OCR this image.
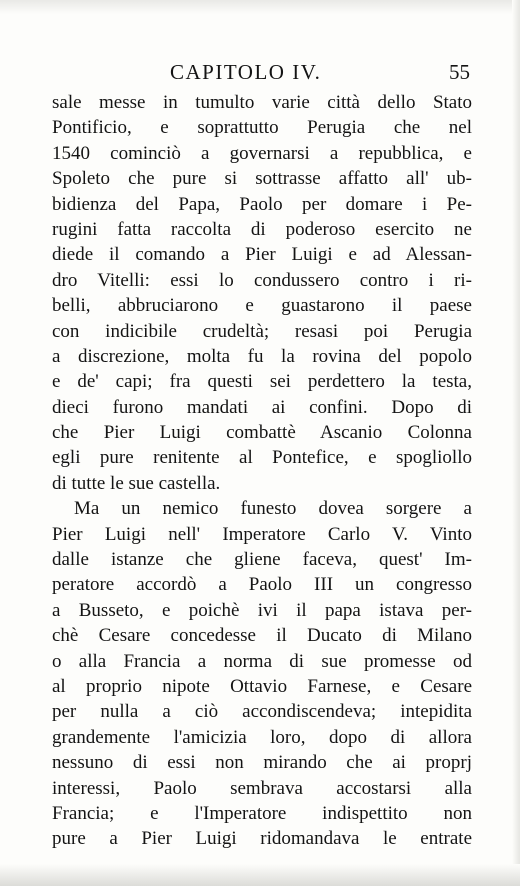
CAPITOLO IV.	55
sale messe in tumulto varie città dello Stato
Pontificio, e soprattutto Perugia che nel
1540 cominciò a governarsi a repubblica, e
Spoleto che pure si sottrasse affatto all' ub-
bidienza del Papa, Paolo per domare i Pe-
rugini fatta raccolta di poderoso esercito ne
diede il comando a Pier Luigi e ad Alessan-
dro Vitelli: essi lo condussero contro i ri-
belli, abbruciarono e guastarono il paese
con indicibile crudeltà; resasi poi Perugia
a discrezione, molta fu la rovina del popolo
e de' capi; fra questi sei perdettero la testa,
dieci furono mandati ai confini. Dopo di
che Pier Luigi combattè Ascanio Colonna
egli pure renitente al Pontefice, e spogliollo
di tutte le sue castella.
Ma un nemico funesto dovea sorgere a
Pier Luigi nell' Imperatore Carlo V. Vinto
dalle istanze che gliene faceva, quest' Im-
peratore accordò a Paolo III un congresso
a Busseto, e poichè ivi il papa istava per-
chè Cesare concedesse il Ducato di Milano
o alla Francia a norma di sue promesse od
al proprio nipote Ottavio Farnese, e Cesare
per nulla a ciò accondiscendeva; intepidita
grandemente l'amicizia loro, dopo di allora
nessuno di essi non mirando che ai proprj
interessi, Paolo sembrava accostarsi alla
Francia; e l'Imperatore indispettito non
pure a Pier Luigi ridomandava le entrate
